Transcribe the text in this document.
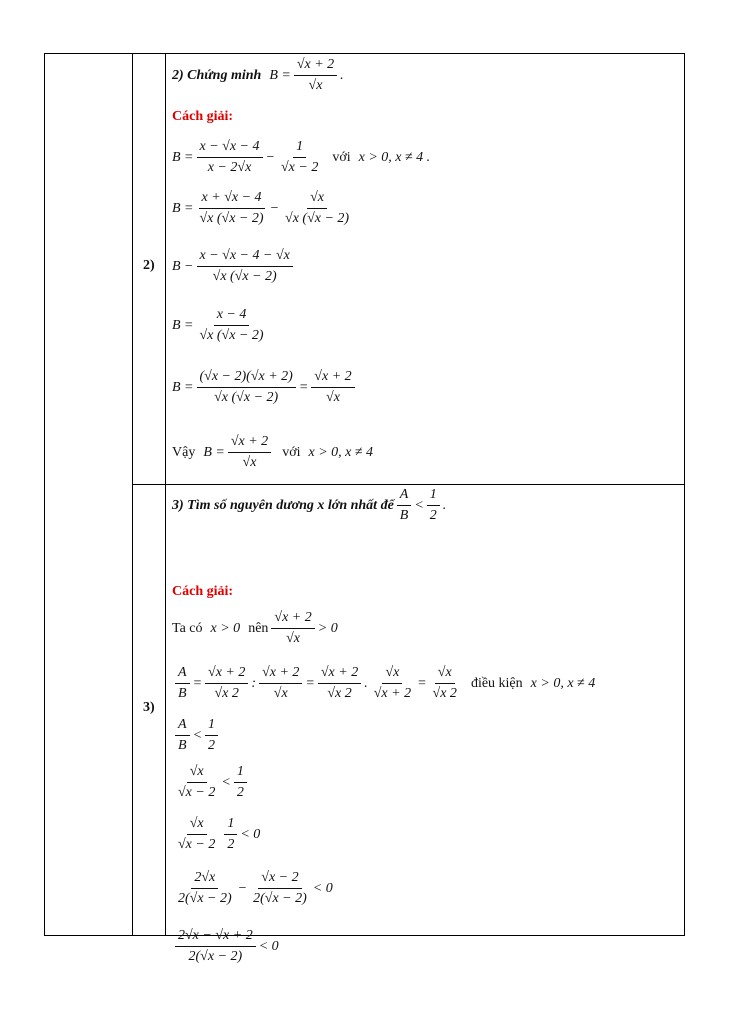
2)
2) Chứng minh $B = \frac{√x + 2}{√x}$ .
Cách giải:
$B = \frac{x - √x - 4}{x - 2√x} - \frac{1}{√x - 2}$ với x > 0, x ≠ 4 .
$B = \frac{x + √x - 4}{√x (√x - 2)} - \frac{√x}{√x (√x - 2)}$
$B - \frac{x - √x - 4 - √x}{√x (√x - 2)}$
$B = \frac{x - 4}{√x (√x - 2)}$
$B = \frac{(√x - 2)(√x + 2)}{√x (√x - 2)} = \frac{√x + 2}{√x}$
Vậy $B = \frac{√x + 2}{√x}$ với x > 0, x ≠ 4
3)
3) Tìm số nguyên dương x lớn nhất để
A
B
<
1
2
.
Cách giải:
Ta có x > 0 nên
√x + 2
√x
> 0
$\frac{A}{B} = \frac{√x + 2}{√x 2}$ : $\frac{√x + 2}{√x} = \frac{√x + 2}{√x 2}$ . $\frac{√x}{√x + 2} = \frac{√x}{√x 2}$ điều kiện x > 0, x ≠ 4
A
B
<
1
2
√x
√x − 2
<
1
2
√x
√x − 2
1
2
< 0
2√x
2(√x − 2)
− $\frac{√x - 2}{2(√x - 2)} < 0$
2√x − √x + 2
2(√x − 2)
< 0
